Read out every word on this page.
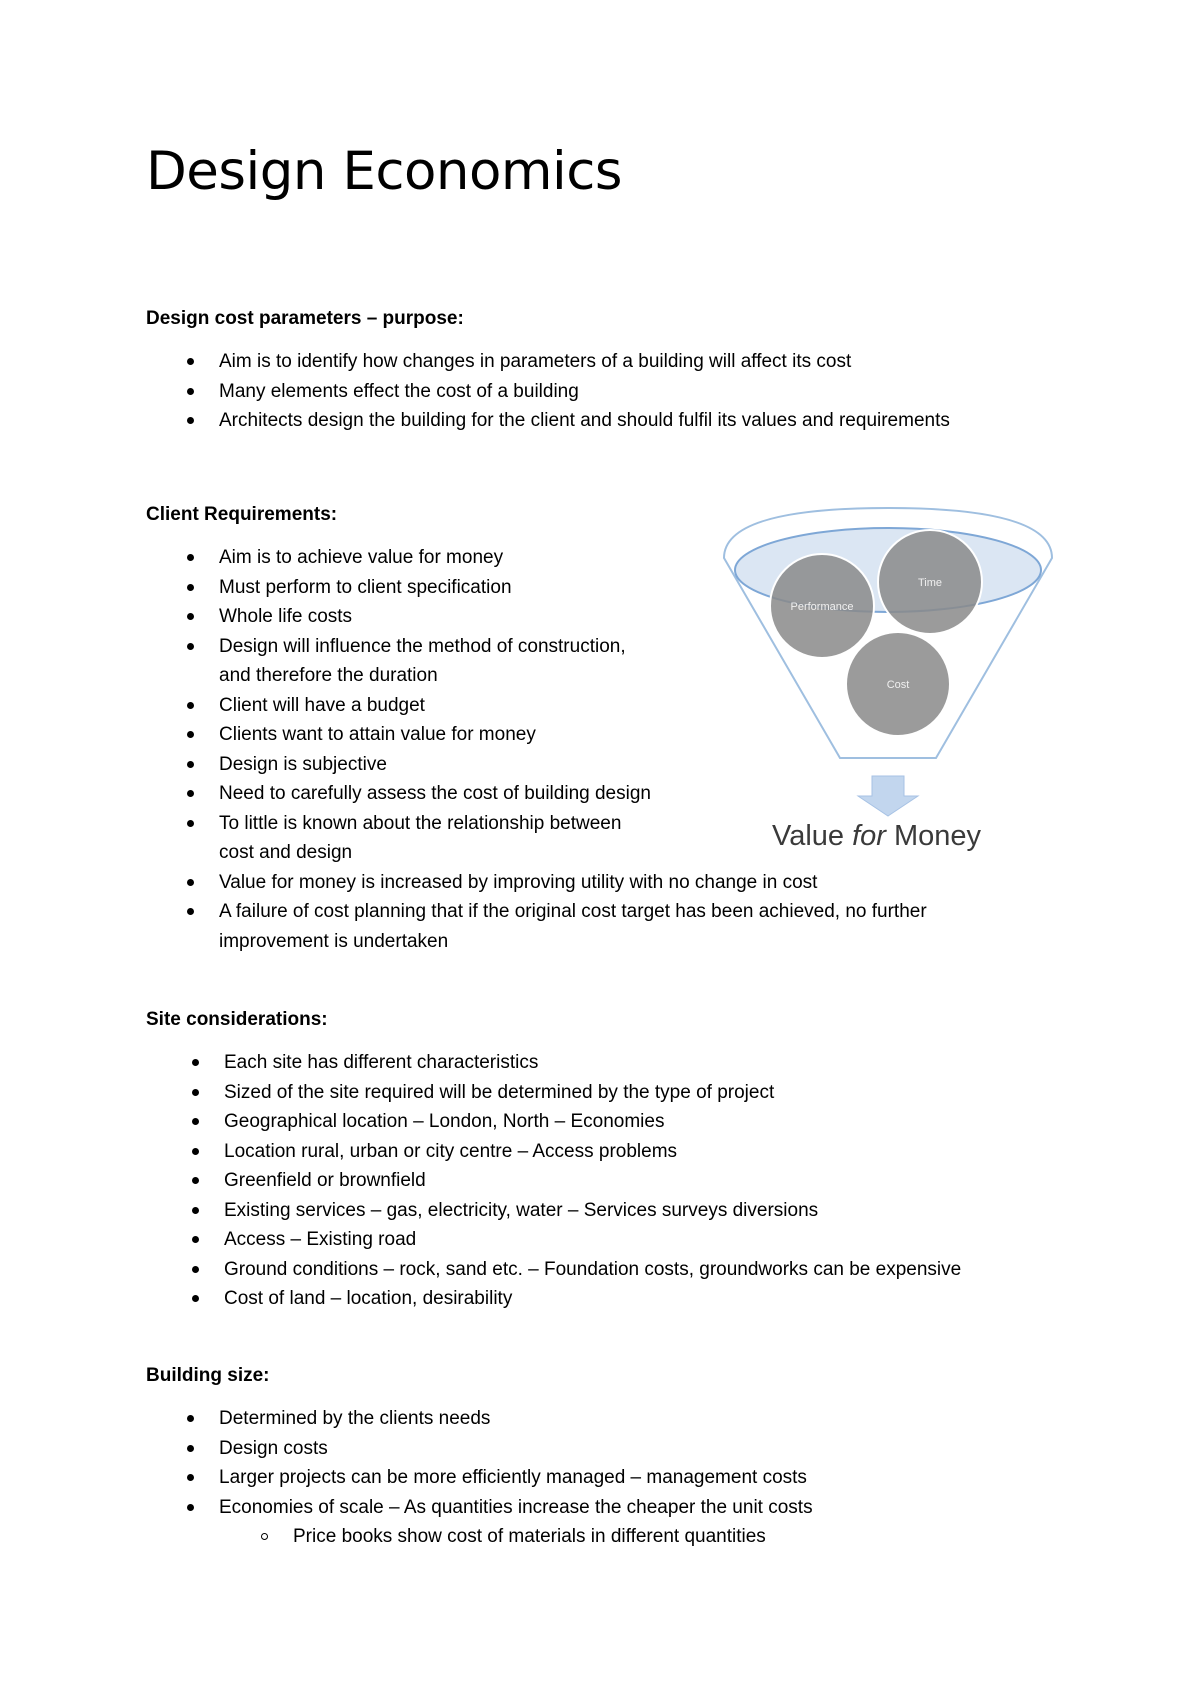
Design Economics
Design cost parameters – purpose:
Aim is to identify how changes in parameters of a building will affect its cost
Many elements effect the cost of a building
Architects design the building for the client and should fulfil its values and requirements
Client Requirements:
Aim is to achieve value for money
Must perform to client specification
Whole life costs
Design will influence the method of construction,
and therefore the duration
Client will have a budget
Clients want to attain value for money
Design is subjective
Need to carefully assess the cost of building design
To little is known about the relationship between
cost and design
Value for money is increased by improving utility with no change in cost
A failure of cost planning that if the original cost target has been achieved, no further
improvement is undertaken
Time
Performance
Cost

Value for Money

Site considerations:
Each site has different characteristics
Sized of the site required will be determined by the type of project
Geographical location – London, North – Economies
Location rural, urban or city centre – Access problems
Greenfield or brownfield
Existing services – gas, electricity, water – Services surveys diversions
Access – Existing road
Ground conditions – rock, sand etc. – Foundation costs, groundworks can be expensive
Cost of land – location, desirability
Building size:
Determined by the clients needs
Design costs
Larger projects can be more efficiently managed – management costs
Economies of scale – As quantities increase the cheaper the unit costs
Price books show cost of materials in different quantities
